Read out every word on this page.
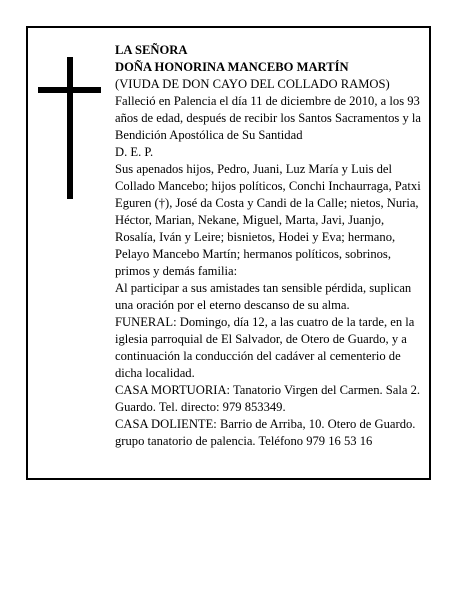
LA SEÑORA

DOÑA HONORINA MANCEBO MARTÍN

(VIUDA DE DON CAYO DEL COLLADO RAMOS)

Falleció en Palencia el día 11 de diciembre de 2010, a los 93 años de edad, después de recibir los Santos Sacramentos y la Bendición Apostólica de Su Santidad

D. E. P.

Sus apenados hijos, Pedro, Juani, Luz María y Luis del Collado Mancebo; hijos políticos, Conchi Inchaurraga, Patxi Eguren (†), José da Costa y Candi de la Calle; nietos, Nuria, Héctor, Marian, Nekane, Miguel, Marta, Javi, Juanjo, Rosalía, Iván y Leire; bisnietos, Hodei y Eva; hermano, Pelayo Mancebo Martín; hermanos políticos, sobrinos, primos y demás familia:

Al participar a sus amistades tan sensible pérdida, suplican una oración por el eterno descanso de su alma.

FUNERAL: Domingo, día 12, a las cuatro de la tarde, en la iglesia parroquial de El Salvador, de Otero de Guardo, y a continuación la conducción del cadáver al cementerio de dicha localidad.

CASA MORTUORIA: Tanatorio Virgen del Carmen. Sala 2. Guardo. Tel. directo: 979 853349.

CASA DOLIENTE: Barrio de Arriba, 10. Otero de Guardo.

grupo tanatorio de palencia. Teléfono 979 16 53 16
